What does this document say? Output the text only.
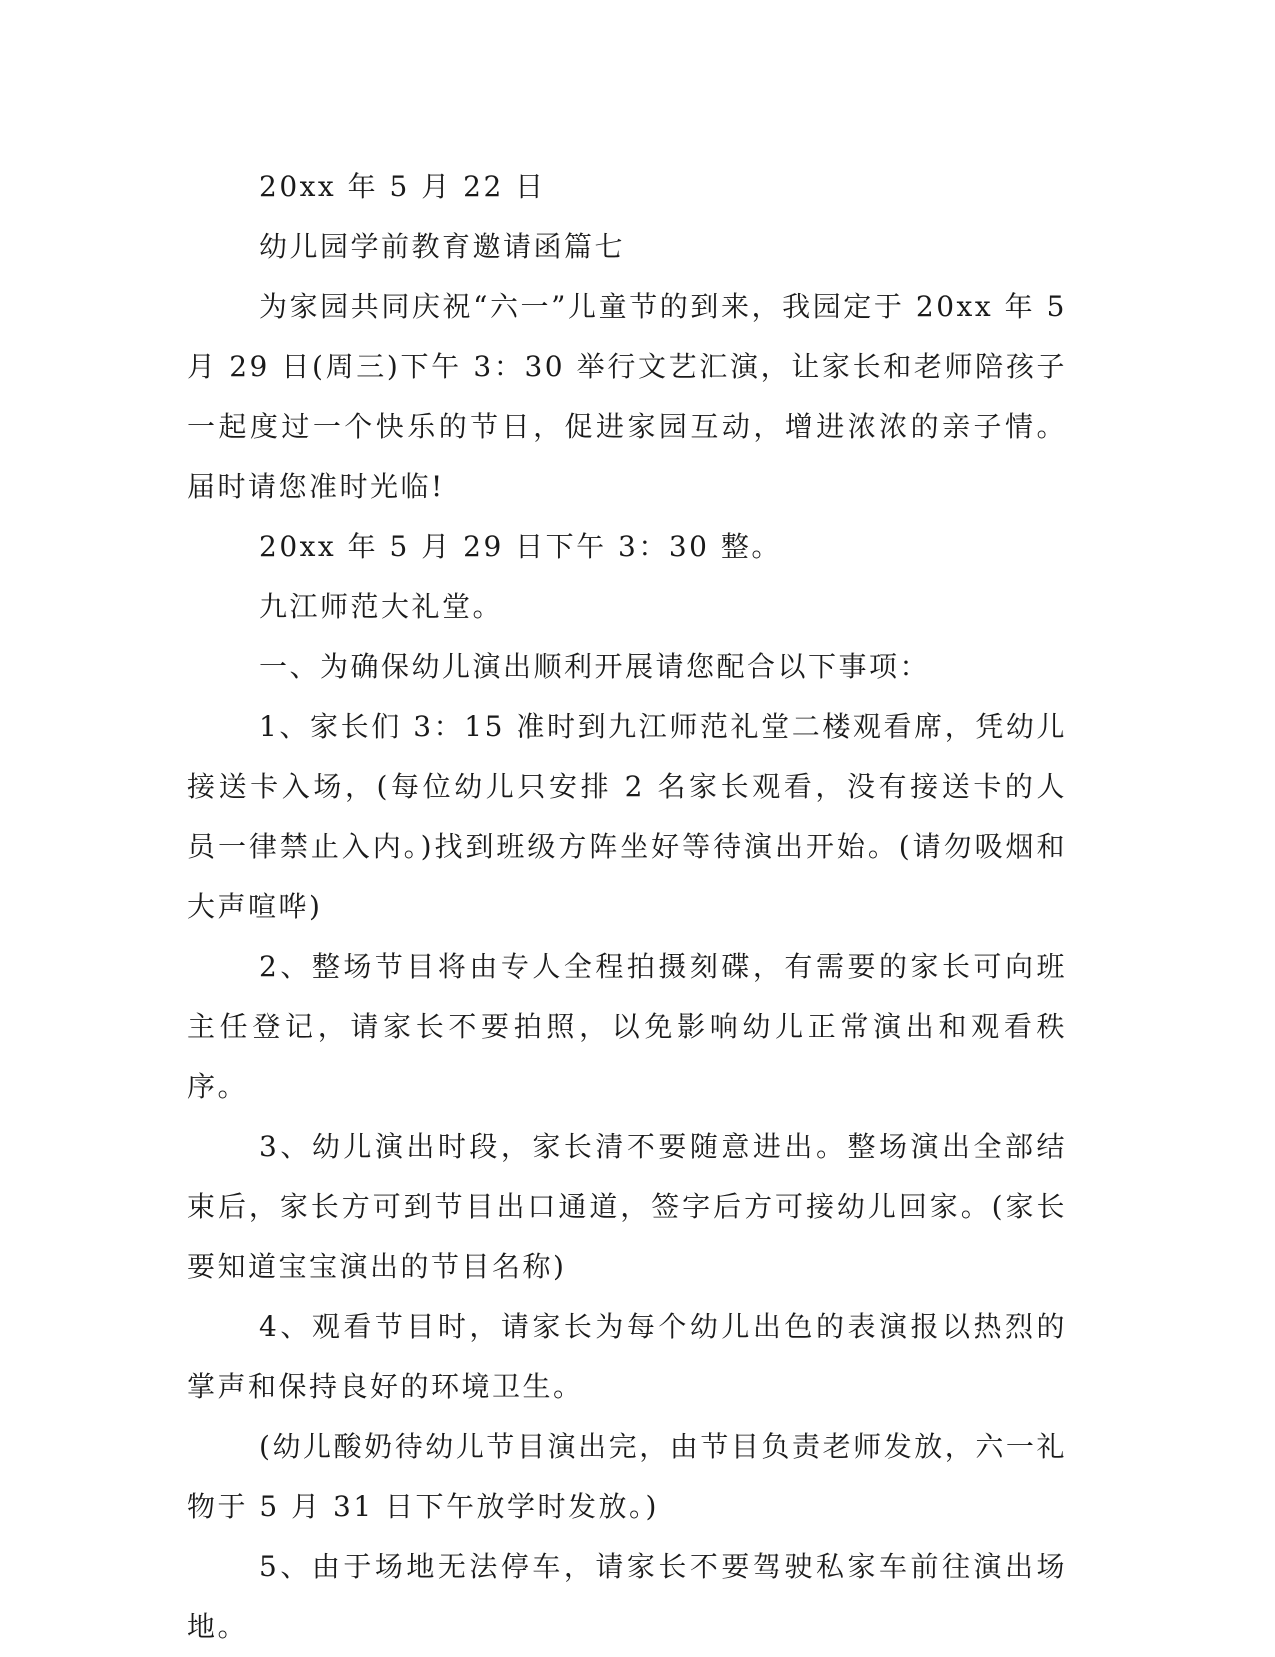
20xx 年 5 月 22 日

幼儿园学前教育邀请函篇七

为家园共同庆祝“六一”儿童节的到来，我园定于 20xx 年 5 月 29 日(周三)下午 3：30 举行文艺汇演，让家长和老师陪孩子一起度过一个快乐的节日，促进家园互动，增进浓浓的亲子情。届时请您准时光临!

20xx 年 5 月 29 日下午 3：30 整。

九江师范大礼堂。

一、为确保幼儿演出顺利开展请您配合以下事项：

1、家长们 3：15 准时到九江师范礼堂二楼观看席，凭幼儿接送卡入场，(每位幼儿只安排 2 名家长观看，没有接送卡的人员一律禁止入内。)找到班级方阵坐好等待演出开始。(请勿吸烟和大声喧哗)

2、整场节目将由专人全程拍摄刻碟，有需要的家长可向班主任登记，请家长不要拍照，以免影响幼儿正常演出和观看秩序。

3、幼儿演出时段，家长清不要随意进出。整场演出全部结束后，家长方可到节目出口通道，签字后方可接幼儿回家。(家长要知道宝宝演出的节目名称)

4、观看节目时，请家长为每个幼儿出色的表演报以热烈的掌声和保持良好的环境卫生。

(幼儿酸奶待幼儿节目演出完，由节目负责老师发放，六一礼物于 5 月 31 日下午放学时发放。)

5、由于场地无法停车，请家长不要驾驶私家车前往演出场地。
